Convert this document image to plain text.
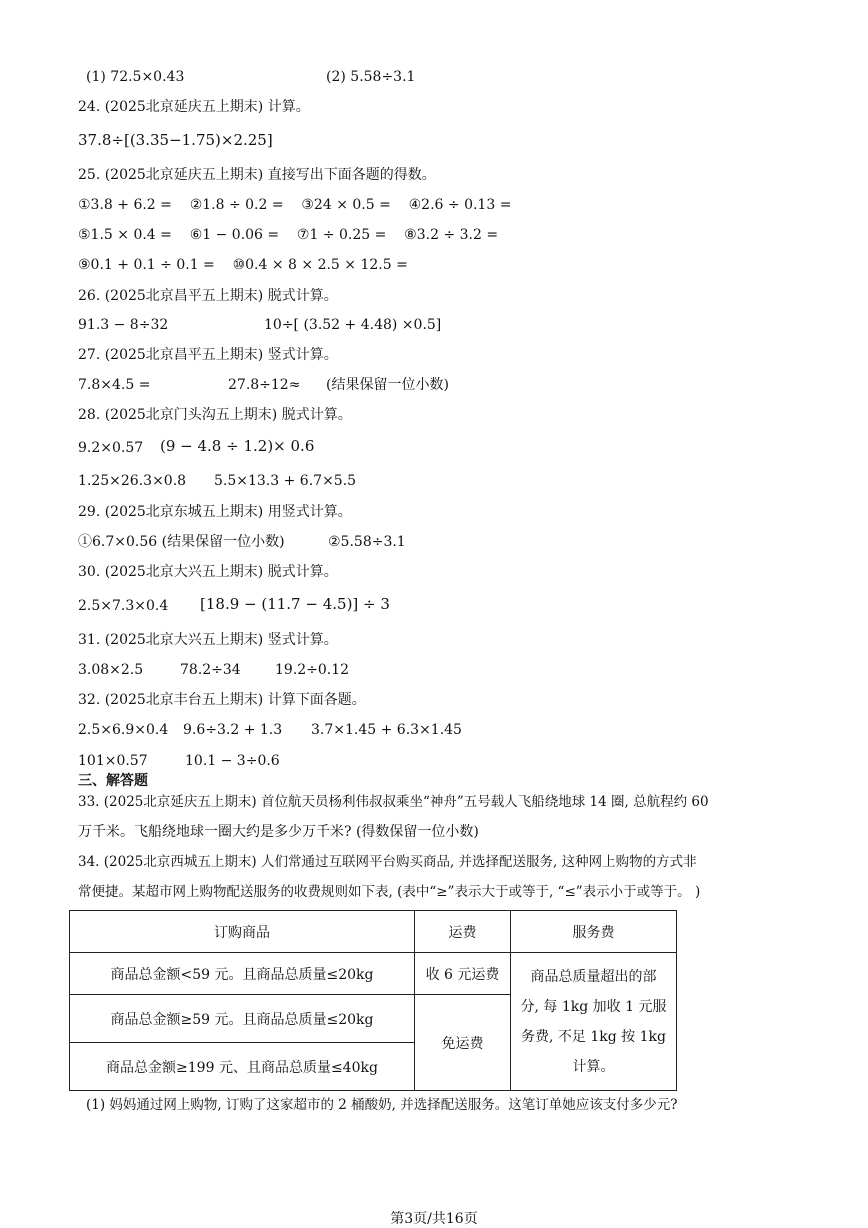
(1) 72.5×0.43	(2) 5.58÷3.1
24. (2025北京延庆五上期末) 计算。
37.8÷[(3.35−1.75)×2.25]
25. (2025北京延庆五上期末) 直接写出下面各题的得数。
①3.8 + 6.2 =    ②1.8 ÷ 0.2 =    ③24 × 0.5 =    ④2.6 ÷ 0.13 =
⑤1.5 × 0.4 =    ⑥1 − 0.06 =    ⑦1 ÷ 0.25 =    ⑧3.2 ÷ 3.2 =
⑨0.1 + 0.1 ÷ 0.1 =    ⑩0.4 × 8 × 2.5 × 12.5 =
26. (2025北京昌平五上期末) 脱式计算。
91.3 − 8÷32	10÷[ (3.52 + 4.48) ×0.5]
27. (2025北京昌平五上期末) 竖式计算。
7.8×4.5 =	27.8÷12≈ (结果保留一位小数)
28. (2025北京门头沟五上期末) 脱式计算。
9.2×0.57 (9 − 4.8 ÷ 1.2)× 0.6
1.25×26.3×0.8 5.5×13.3 + 6.7×5.5
29. (2025北京东城五上期末) 用竖式计算。
①6.7×0.56 (结果保留一位小数)	②5.58÷3.1
30. (2025北京大兴五上期末) 脱式计算。
2.5×7.3×0.4 [18.9 − (11.7 − 4.5)] ÷ 3
31. (2025北京大兴五上期末) 竖式计算。
3.08×2.5	78.2÷34 19.2÷0.12
32. (2025北京丰台五上期末) 计算下面各题。
2.5×6.9×0.4 9.6÷3.2 + 1.3 3.7×1.45 + 6.3×1.45
101×0.57	10.1 − 3÷0.6
三、解答题
33. (2025北京延庆五上期末) 首位航天员杨利伟叔叔乘坐“神舟”五号载人飞船绕地球 14 圈, 总航程约 60
万千米。飞船绕地球一圈大约是多少万千米? (得数保留一位小数)
34. (2025北京西城五上期末) 人们常通过互联网平台购买商品, 并选择配送服务, 这种网上购物的方式非
常便捷。某超市网上购物配送服务的收费规则如下表, (表中“≥”表示大于或等于, “≤”表示小于或等于。 )
订购商品	运费	服务费
商品总金额<59 元。且商品总质量≤20kg	收 6 元运费	商品总质量超出的部
分, 每 1kg 加收 1 元服
务费, 不足 1kg 按 1kg
计算。

商品总金额≥59 元。且商品总质量≤20kg	免运费	
商品总金额≥199 元、且商品总质量≤40kg		
(1) 妈妈通过网上购物, 订购了这家超市的 2 桶酸奶, 并选择配送服务。这笔订单她应该支付多少元?
第3页/共16页
